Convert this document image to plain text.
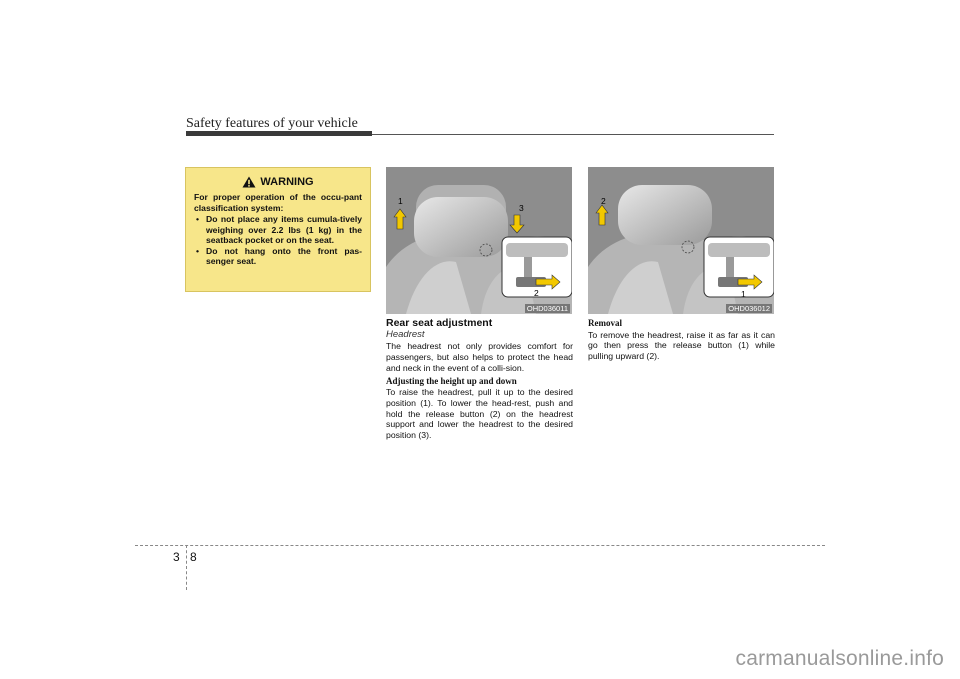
Safety features of your vehicle
WARNING
For proper operation of the occu-pant classification system:
• Do not place any items cumula-tively weighing over 2.2 lbs (1 kg) in the seatback pocket or on the seat.
• Do not hang onto the front pas-senger seat.
1
3
2
OHD036011
2
1
OHD036012
Rear seat adjustment
Headrest

The headrest not only provides comfort for passengers, but also helps to protect the head and neck in the event of a colli-sion.

Adjusting the height up and down

To raise the headrest, pull it up to the desired position (1). To lower the head-rest, push and hold the release button (2) on the headrest support and lower the headrest to the desired position (3).

Removal

To remove the headrest, raise it as far as it can go then press the release button (1) while pulling upward (2).

3 8
carmanualsonline.info
